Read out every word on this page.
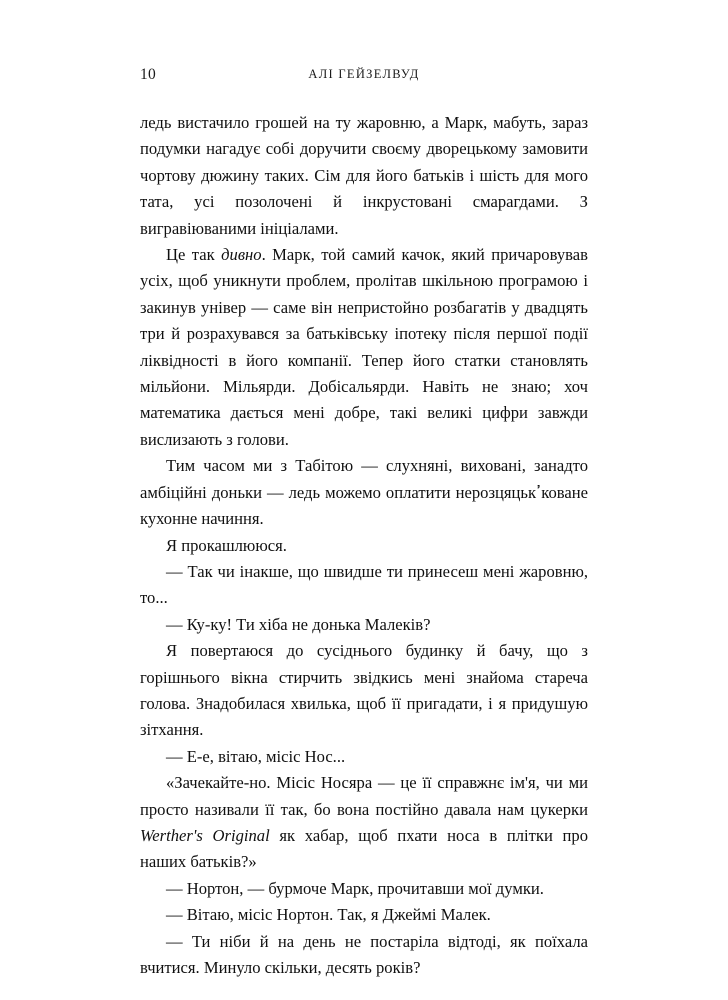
10	АЛІ ГЕЙЗЕЛВУД

ледь вистачило грошей на ту жаровню, а Марк, мабуть, зараз подумки нагадує собі доручити своєму дворецькому замовити чортову дюжину таких. Сім для його батьків і шість для мого тата, усі позолочені й інкрустовані смарагдами. З вигравіюваними ініціалами.

Це так дивно. Марк, той самий качок, який причаровував усіх, щоб уникнути проблем, пролітав шкільною програмою і закинув універ — саме він непристойно розбагатів у двадцять три й розрахувався за батьківську іпотеку після першої події ліквідності в його компанії. Тепер його статки становлять мільйони. Мільярди. Добісальярди. Навіть не знаю; хоч математика дається мені добре, такі великі цифри завжди вислизають з голови.

Тим часом ми з Табітою — слухняні, виховані, занадто амбіційні доньки — ледь можемо оплатити нерозцяцькߴковане кухонне начиння.

Я прокашлююся.

— Так чи інакше, що швидше ти принесеш мені жаровню, то...

— Ку-ку! Ти хіба не донька Малеків?

Я повертаюся до сусіднього будинку й бачу, що з горішнього вікна стирчить звідкись мені знайома стареча голова. Знадобилася хвилька, щоб її пригадати, і я придушую зітхання.

— Е-е, вітаю, місіс Нос...

«Зачекайте-но. Місіс Носяра — це її справжнє ім'я, чи ми просто називали її так, бо вона постійно давала нам цукерки Werther's Original як хабар, щоб пхати носа в плітки про наших батьків?»

— Нортон, — бурмоче Марк, прочитавши мої думки.

— Вітаю, місіс Нортон. Так, я Джеймі Малек.

— Ти ніби й на день не постаріла відтоді, як поїхала вчитися. Минуло скільки, десять років?
